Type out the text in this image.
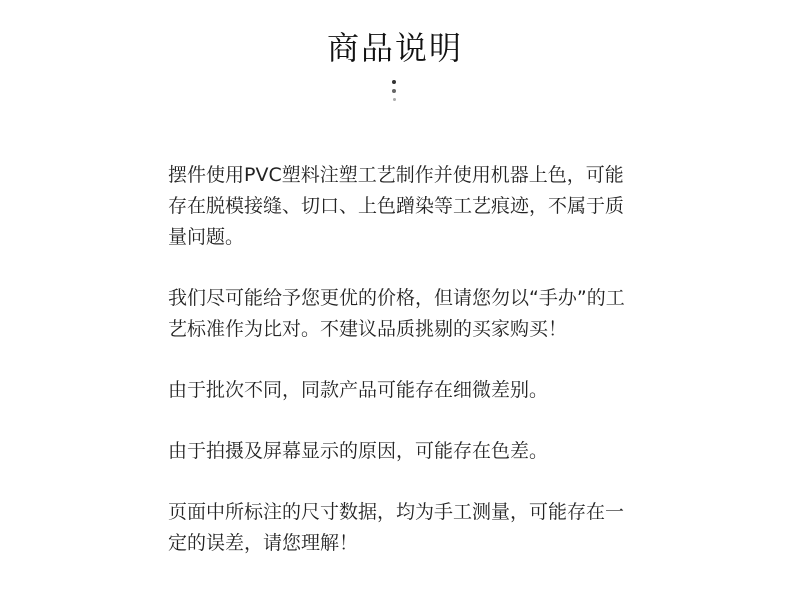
商品说明

摆件使用PVC塑料注塑工艺制作并使用机器上色，可能存在脱模接缝、切口、上色蹭染等工艺痕迹，不属于质量问题。

我们尽可能给予您更优的价格，但请您勿以“手办”的工艺标准作为比对。不建议品质挑剔的买家购买！

由于批次不同，同款产品可能存在细微差别。

由于拍摄及屏幕显示的原因，可能存在色差。

页面中所标注的尺寸数据，均为手工测量，可能存在一定的误差，请您理解！
